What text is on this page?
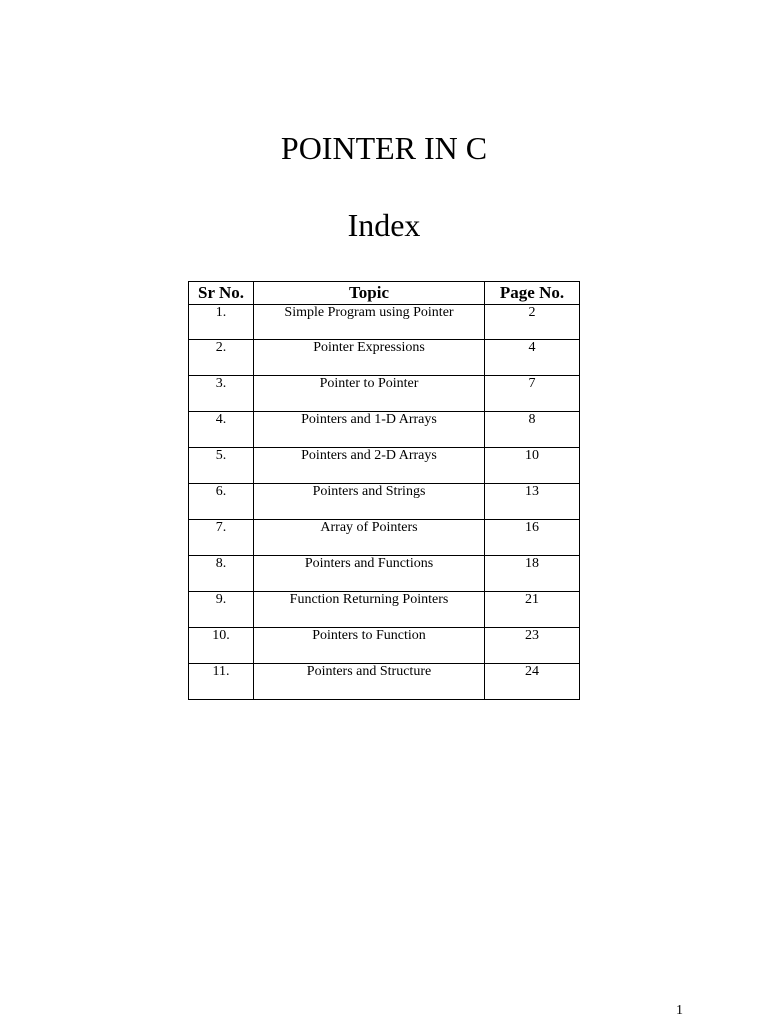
POINTER IN C
Index
Sr No.	Topic	Page No.
1.	Simple Program using Pointer	2
2.	Pointer Expressions	4
3.	Pointer to Pointer	7
4.	Pointers and 1-D Arrays	8
5.	Pointers and 2-D Arrays	10
6.	Pointers and Strings	13
7.	Array of Pointers	16
8.	Pointers and Functions	18
9.	Function Returning Pointers	21
10.	Pointers to Function	23
11.	Pointers and Structure	24
1
